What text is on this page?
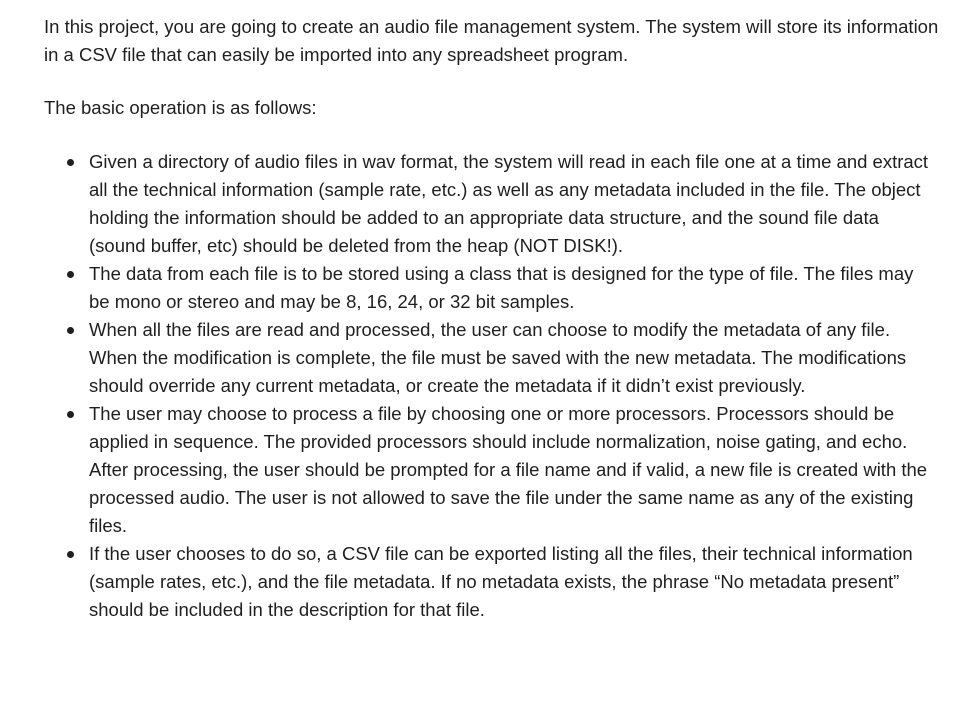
In this project, you are going to create an audio file management system. The system will store its information in a CSV file that can easily be imported into any spreadsheet program.

The basic operation is as follows:

Given a directory of audio files in wav format, the system will read in each file one at a time and extract all the technical information (sample rate, etc.) as well as any metadata included in the file. The object holding the information should be added to an appropriate data structure, and the sound file data (sound buffer, etc) should be deleted from the heap (NOT DISK!).
The data from each file is to be stored using a class that is designed for the type of file. The files may be mono or stereo and may be 8, 16, 24, or 32 bit samples.
When all the files are read and processed, the user can choose to modify the metadata of any file. When the modification is complete, the file must be saved with the new metadata. The modifications should override any current metadata, or create the metadata if it didn’t exist previously.
The user may choose to process a file by choosing one or more processors. Processors should be applied in sequence. The provided processors should include normalization, noise gating, and echo. After processing, the user should be prompted for a file name and if valid, a new file is created with the processed audio. The user is not allowed to save the file under the same name as any of the existing files.
If the user chooses to do so, a CSV file can be exported listing all the files, their technical information (sample rates, etc.), and the file metadata. If no metadata exists, the phrase “No metadata present” should be included in the description for that file.
